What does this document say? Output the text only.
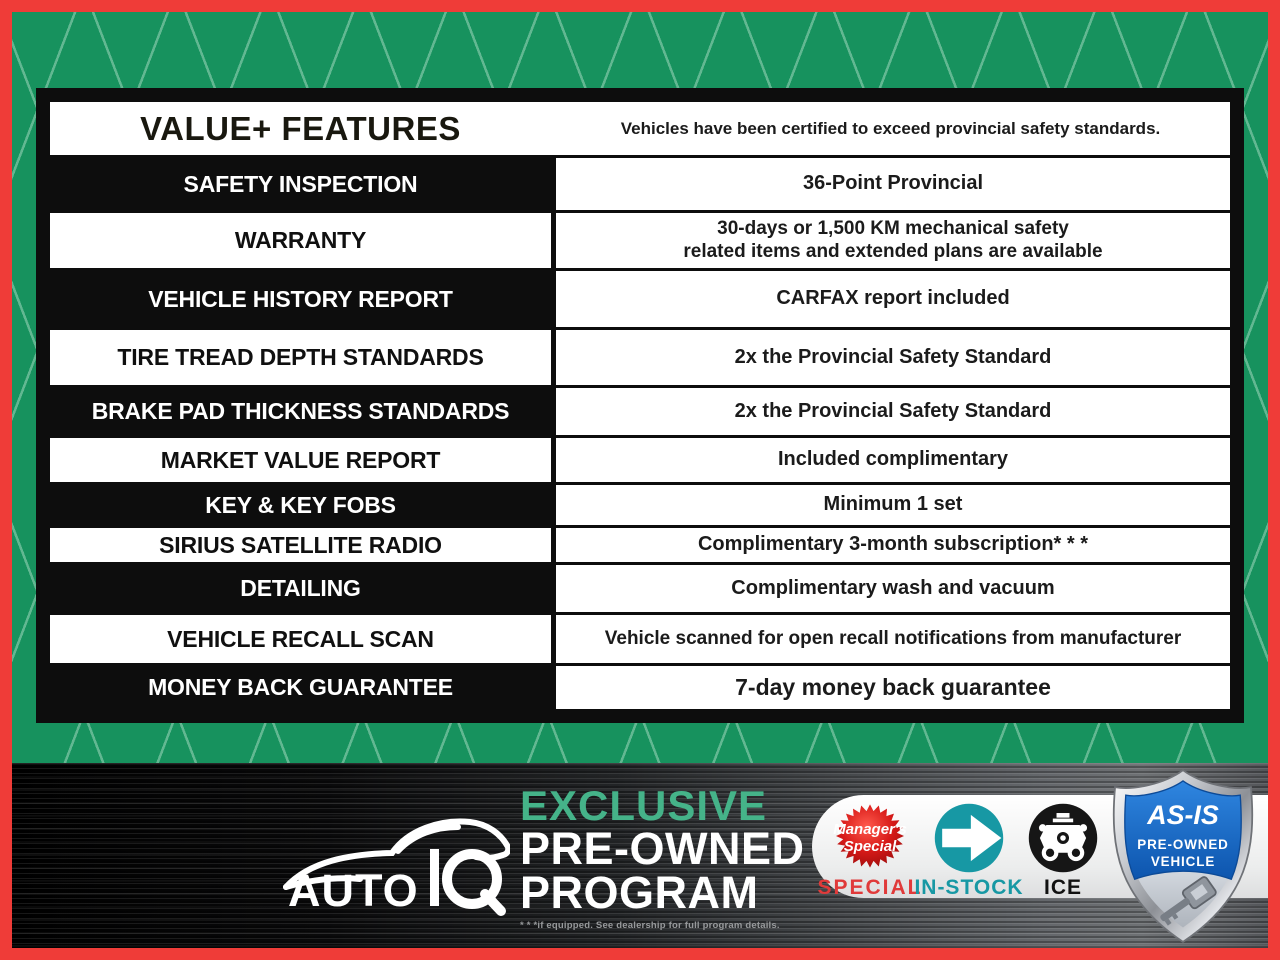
VALUE+ FEATURES	Vehicles have been certified to exceed provincial safety standards.
SAFETY INSPECTION	36-Point Provincial
WARRANTY	30-days or 1,500 KM mechanical safety
related items and extended plans are available
VEHICLE HISTORY REPORT	CARFAX report included
TIRE TREAD DEPTH STANDARDS	2x the Provincial Safety Standard
BRAKE PAD THICKNESS STANDARDS	2x the Provincial Safety Standard
MARKET VALUE REPORT	Included complimentary
KEY & KEY FOBS	Minimum 1 set
SIRIUS SATELLITE RADIO	Complimentary 3-month subscription* * *
DETAILING	Complimentary wash and vacuum
VEHICLE RECALL SCAN	Vehicle scanned for open recall notifications from manufacturer
MONEY BACK GUARANTEE	7-day money back guarantee
AUTO
EXCLUSIVE
PRE-OWNED
PROGRAM
* * *if equipped. See dealership for full program details.
Manager's
Special
SPECIAL
IN-STOCK ICE
AS-IS
PRE-OWNED
VEHICLE
